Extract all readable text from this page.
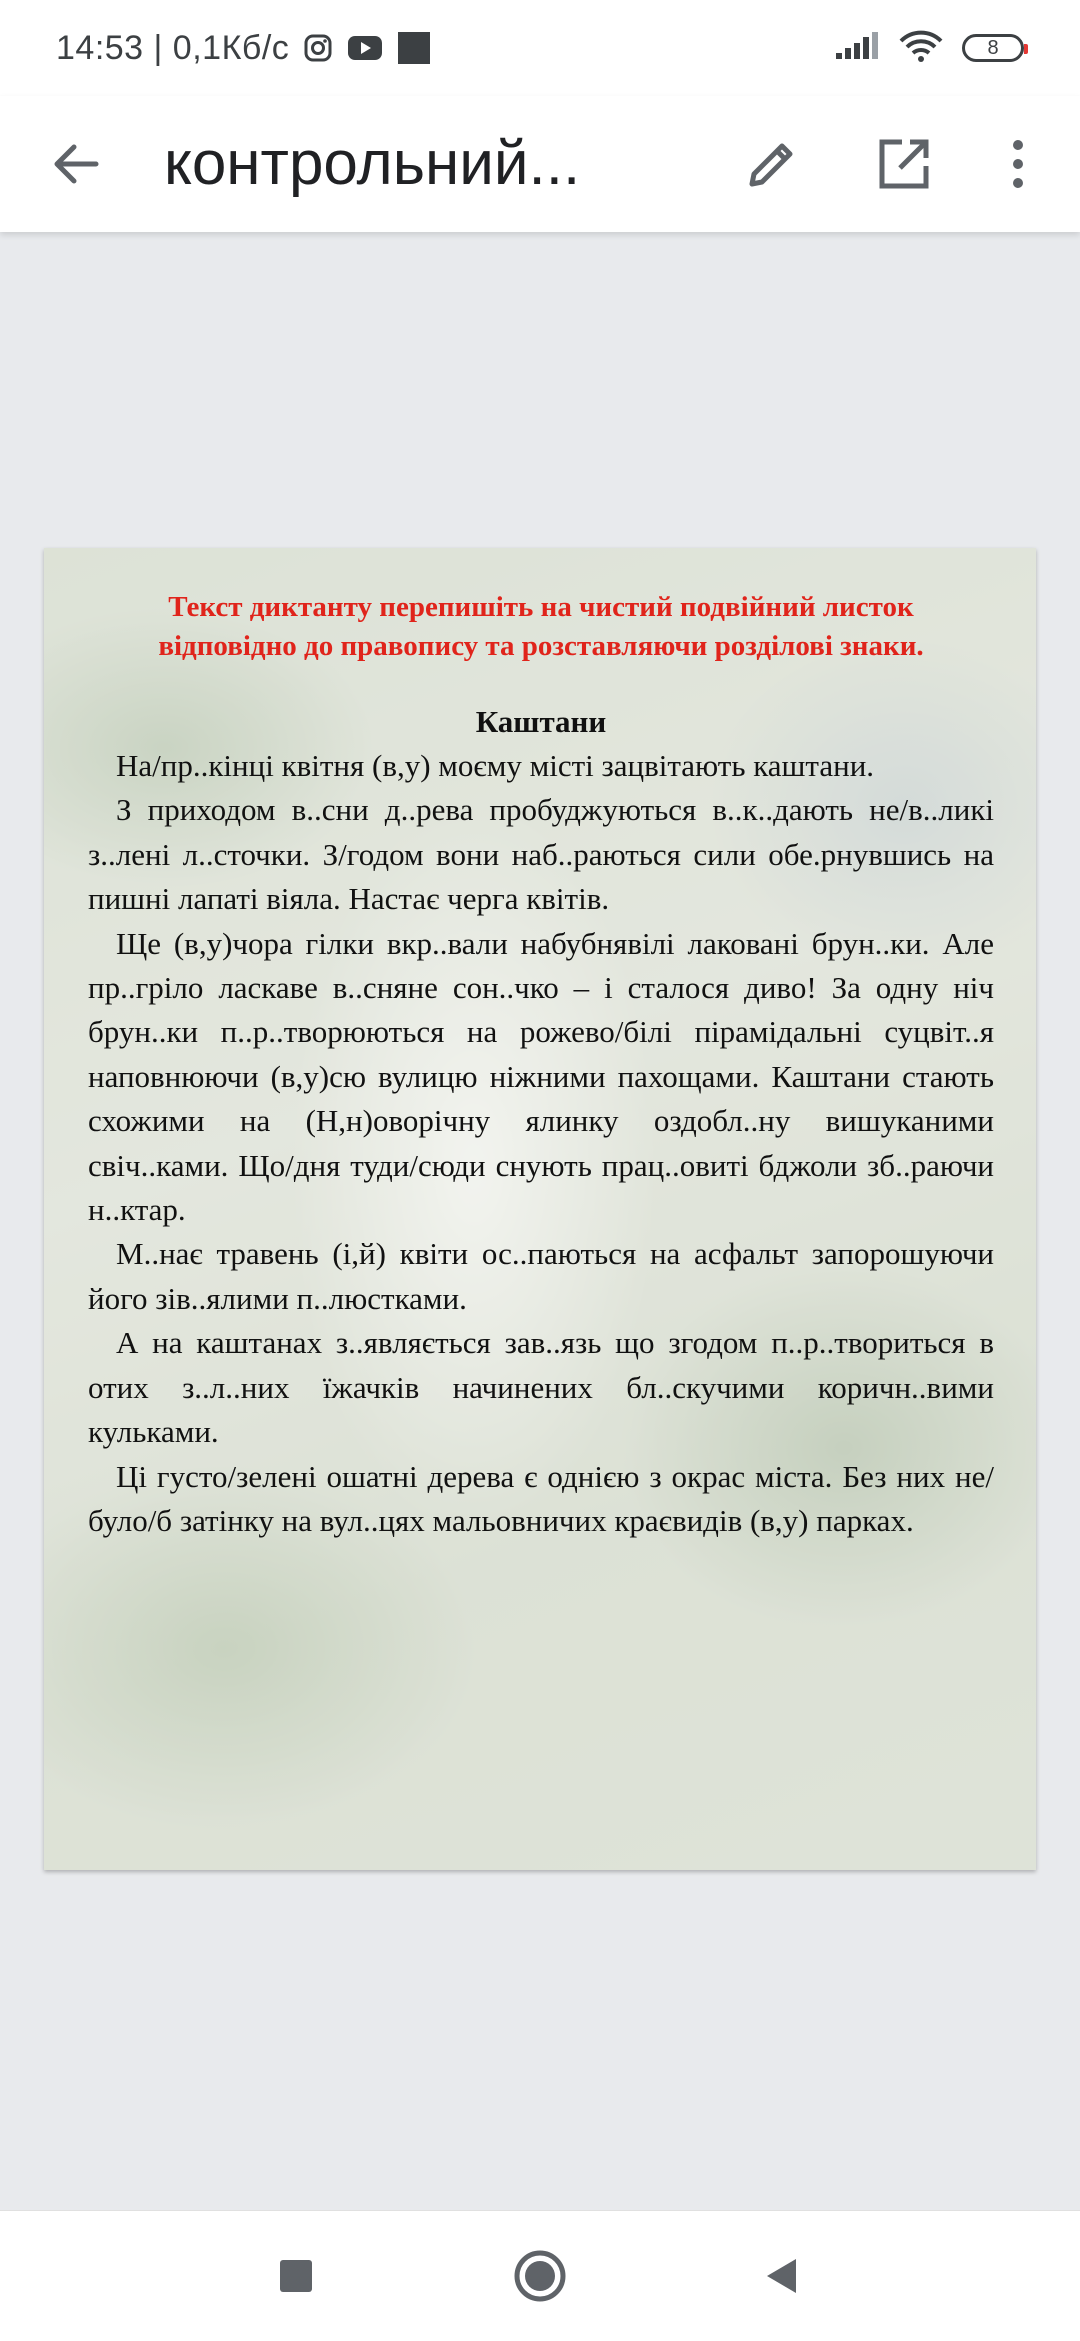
14:53 | 0,1Кб/с	8
контрольний...
Текст диктанту перепишіть на чистий подвійний листок
відповідно до правопису та розставляючи розділові знаки.
Каштани

На/пр..кінці квітня (в,у) моєму місті зацвітають каштани.

З приходом в..сни д..рева пробуджуються в..к..дають не/в..ликі з..лені л..сточки. З/годом вони наб..раються сили обе.рнувшись на пишні лапаті віяла. Настає черга квітів.

Ще (в,у)чора гілки вкр..вали набубнявілі лаковані брун..ки. Але пр..гріло ласкаве в..сняне сон..чко – і сталося диво! За одну ніч брун..ки п..р..творюються на рожево/білі пірамідальні суцвіт..я наповнюючи (в,у)сю вулицю ніжними пахощами. Каштани стають схожими на (Н,н)оворічну ялинку оздобл..ну вишуканими свіч..ками. Що/дня туди/сюди снують прац..овиті бджоли зб..раючи н..ктар.

М..нає травень (і,й) квіти ос..паються на асфальт запорошуючи його зів..ялими п..люстками.

А на каштанах з..являється зав..язь що згодом п..р..твориться в отих з..л..них їжачків начинених бл..скучими коричн..вими кульками.

Ці густо/зелені ошатні дерева є однією з окрас міста. Без них не/було/б затінку на вул..цях мальовничих краєвидів (в,у) парках.
